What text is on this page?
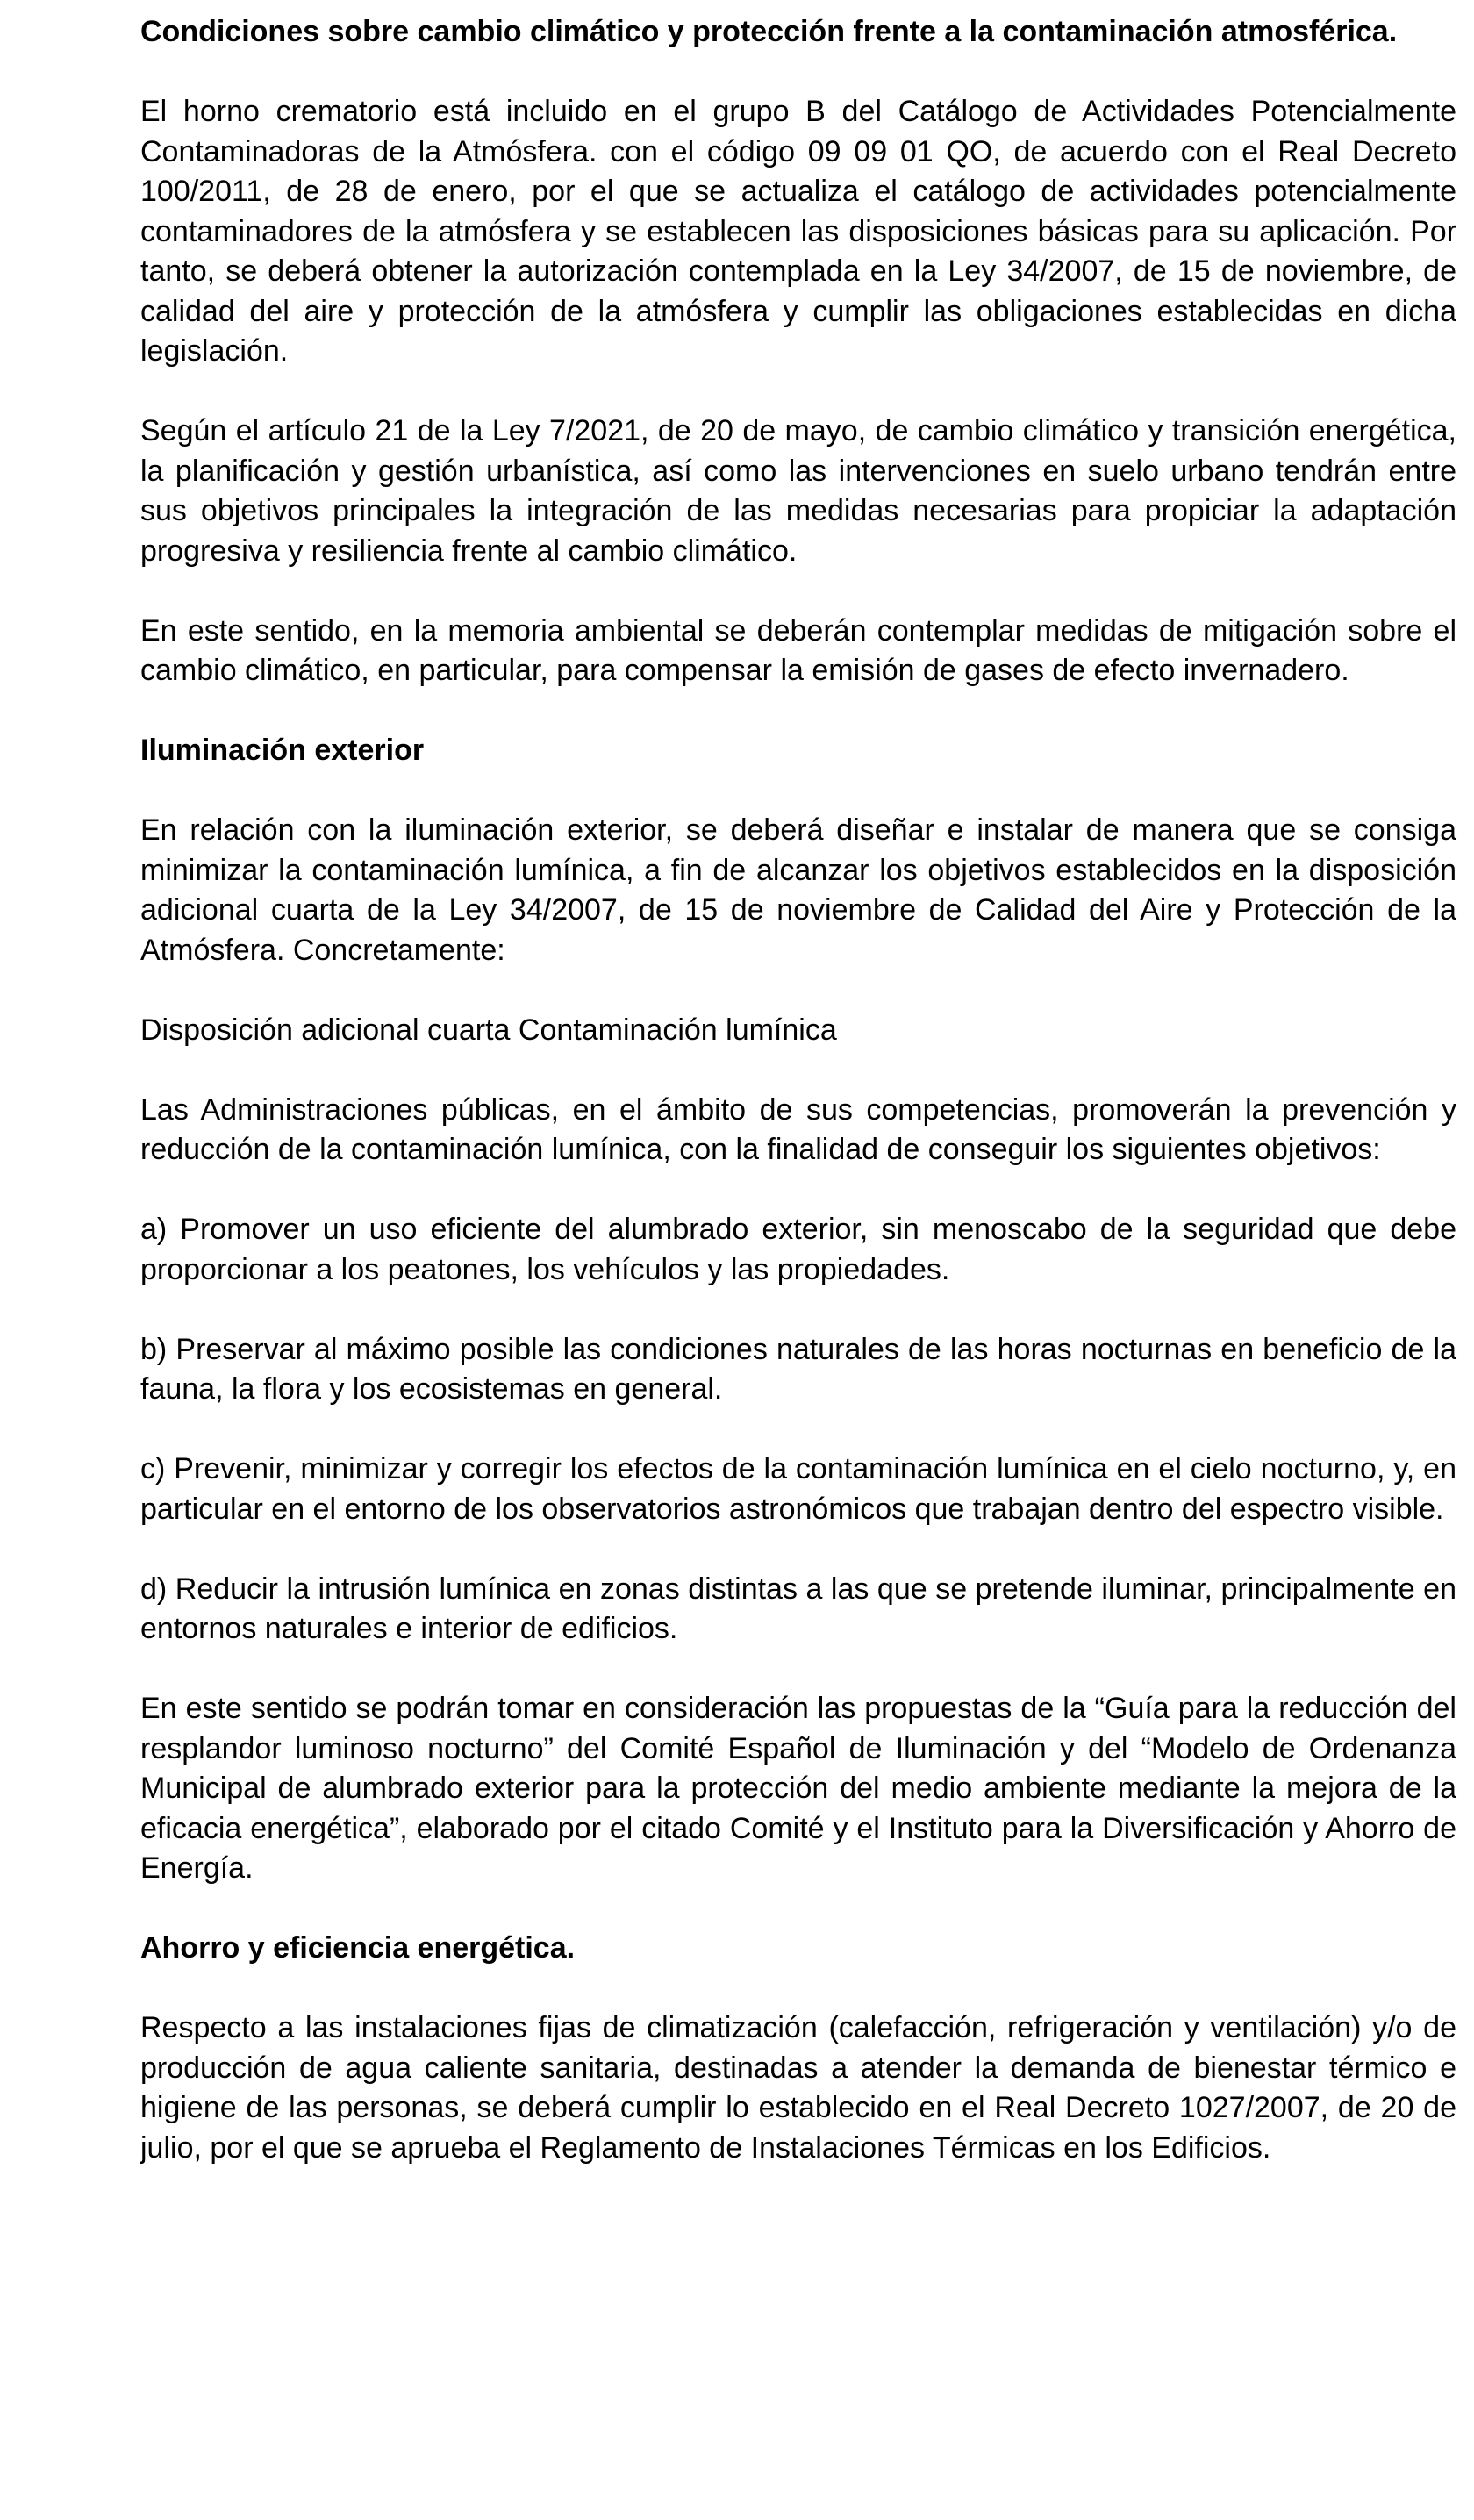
Condiciones sobre cambio climático y protección frente a la contaminación atmosférica.

El horno crematorio está incluido en el grupo B del Catálogo de Actividades Potencialmente Contaminadoras de la Atmósfera. con el código 09 09 01 QO, de acuerdo con el Real Decreto 100/2011, de 28 de enero, por el que se actualiza el catálogo de actividades potencialmente contaminadores de la atmósfera y se establecen las disposiciones básicas para su aplicación. Por tanto, se deberá obtener la autorización contemplada en la Ley 34/2007, de 15 de noviembre, de calidad del aire y protección de la atmósfera y cumplir las obligaciones establecidas en dicha legislación.

Según el artículo 21 de la Ley 7/2021, de 20 de mayo, de cambio climático y transición energética, la planificación y gestión urbanística, así como las intervenciones en suelo urbano tendrán entre sus objetivos principales la integración de las medidas necesarias para propiciar la adaptación progresiva y resiliencia frente al cambio climático.

En este sentido, en la memoria ambiental se deberán contemplar medidas de mitigación sobre el cambio climático, en particular, para compensar la emisión de gases de efecto invernadero.

Iluminación exterior

En relación con la iluminación exterior, se deberá diseñar e instalar de manera que se consiga minimizar la contaminación lumínica, a fin de alcanzar los objetivos establecidos en la disposición adicional cuarta de la Ley 34/2007, de 15 de noviembre de Calidad del Aire y Protección de la Atmósfera. Concretamente:

Disposición adicional cuarta Contaminación lumínica

Las Administraciones públicas, en el ámbito de sus competencias, promoverán la prevención y reducción de la contaminación lumínica, con la finalidad de conseguir los siguientes objetivos:

a) Promover un uso eficiente del alumbrado exterior, sin menoscabo de la seguridad que debe proporcionar a los peatones, los vehículos y las propiedades.

b) Preservar al máximo posible las condiciones naturales de las horas nocturnas en beneficio de la fauna, la flora y los ecosistemas en general.

c) Prevenir, minimizar y corregir los efectos de la contaminación lumínica en el cielo nocturno, y, en particular en el entorno de los observatorios astronómicos que trabajan dentro del espectro visible.

d) Reducir la intrusión lumínica en zonas distintas a las que se pretende iluminar, principalmente en entornos naturales e interior de edificios.

En este sentido se podrán tomar en consideración las propuestas de la “Guía para la reducción del resplandor luminoso nocturno” del Comité Español de Iluminación y del “Modelo de Ordenanza Municipal de alumbrado exterior para la protección del medio ambiente mediante la mejora de la eficacia energética”, elaborado por el citado Comité y el Instituto para la Diversificación y Ahorro de Energía.

Ahorro y eficiencia energética.

Respecto a las instalaciones fijas de climatización (calefacción, refrigeración y ventilación) y/o de producción de agua caliente sanitaria, destinadas a atender la demanda de bienestar térmico e higiene de las personas, se deberá cumplir lo establecido en el Real Decreto 1027/2007, de 20 de julio, por el que se aprueba el Reglamento de Instalaciones Térmicas en los Edificios.
